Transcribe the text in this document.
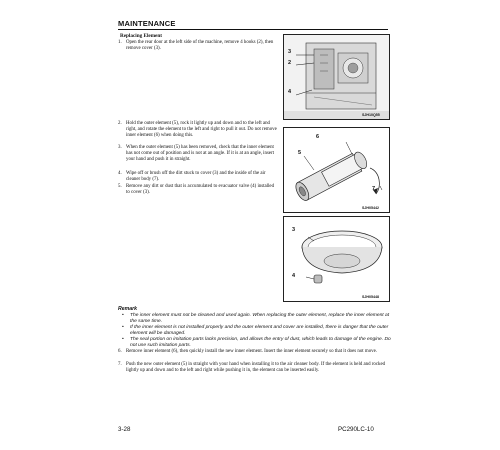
MAINTENANCE
Replacing Element
1. Open the rear door at the left side of the machine, remove 4 hooks (2), then remove cover (3).
2. Hold the outer element (5), rock it lightly up and down and to the left and right, and rotate the element to the left and right to pull it out. Do not remove inner element (6) when doing this.
3. When the outer element (5) has been removed, check that the inner element has not come out of position and is not at an angle. If it is at an angle, insert your hand and push it in straight.
4. Wipe off or brush off the dirt stuck to cover (3) and the inside of the air cleaner body (7).
5. Remove any dirt or dust that is accumulated to evacuator valve (4) installed to cover (3).
3
2
4
SJH10Q55
6
5
7
SJH05442
3
4
SJH05448
Remark
• The inner element must not be cleaned and used again. When replacing the outer element, replace the inner element at the same time.
• If the inner element is not installed properly and the outer element and cover are installed, there is danger that the outer element will be damaged.
• The seal portion on imitation parts lacks precision, and allows the entry of dust, which leads to damage of the engine. Do not use such imitation parts.
6. Remove inner element (6), then quickly install the new inner element. Insert the inner element securely so that it does not move.
7. Push the new outer element (5) in straight with your hand when installing it to the air cleaner body. If the element is held and rocked lightly up and down and to the left and right while pushing it in, the element can be inserted easily.
3-28	PC290LC-10
